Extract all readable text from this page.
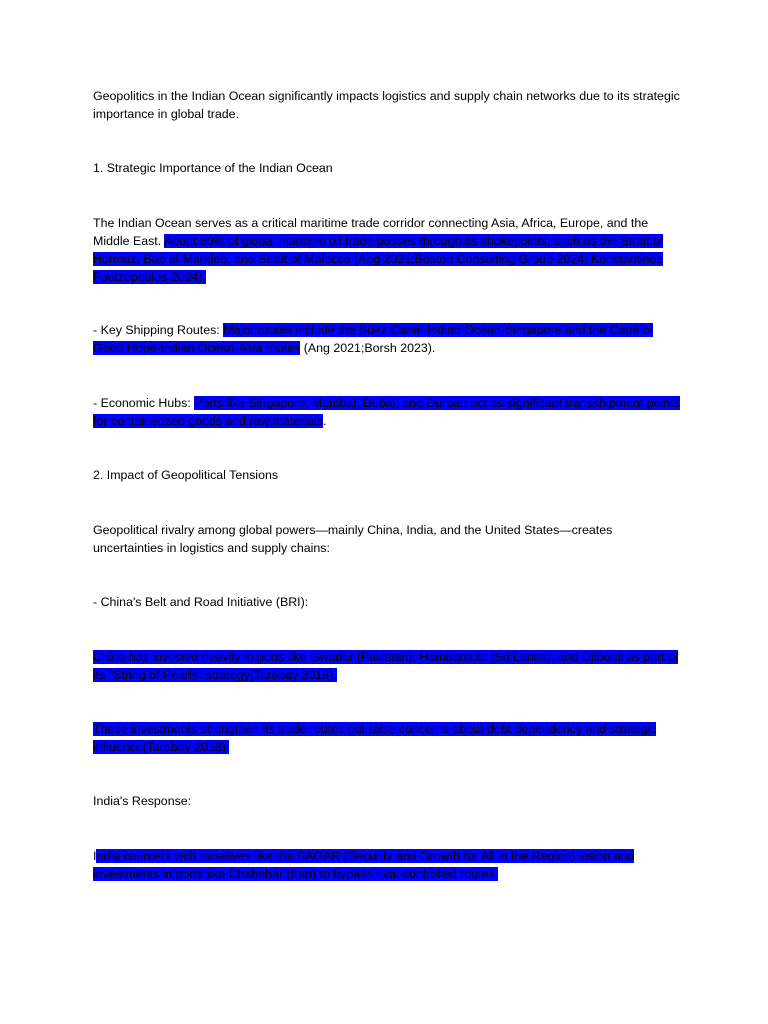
Geopolitics in the Indian Ocean significantly impacts logistics and supply chain networks due to its strategic importance in global trade.

1. Strategic Importance of the Indian Ocean

The Indian Ocean serves as a critical maritime trade corridor connecting Asia, Africa, Europe, and the Middle East. About 80% of global maritime oil trade passes through its chokepoints, such as the Strait of Hormuz, Bab el-Mandeb, and Strait of Malacca (Ang 2021;Boston Consulting Group 2024; Konstantinos Foutzopoulos 2024).

- Key Shipping Routes: Major routes include the Suez Canal-Indian Ocean-Singapore and the Cape of Good Hope-Indian Ocean-Asia routes (Ang 2021;Borsh 2023).

- Economic Hubs: Ports like Singapore, Mumbai, Dubai, and Durban act as significant transshipment points for containerized goods and raw materials.

2. Impact of Geopolitical Tensions

Geopolitical rivalry among global powers—mainly China, India, and the United States—creates uncertainties in logistics and supply chains:

- China's Belt and Road Initiative (BRI):

China has invested heavily in ports like Gwadar (Pakistan), Hambantota (Sri Lanka), and Djibouti as part of its "String of Pearls" strategy(Tarabay 2018).

These investments strengthen its trade routes but raise concerns about debt dependency and strategic influence(Tarabay 2018).

India's Response:

India counters with initiatives like the SAGAR (Security and Growth for All in the Region) vision and investments in ports like Chabahar (Iran) to bypass rival-controlled routes.
